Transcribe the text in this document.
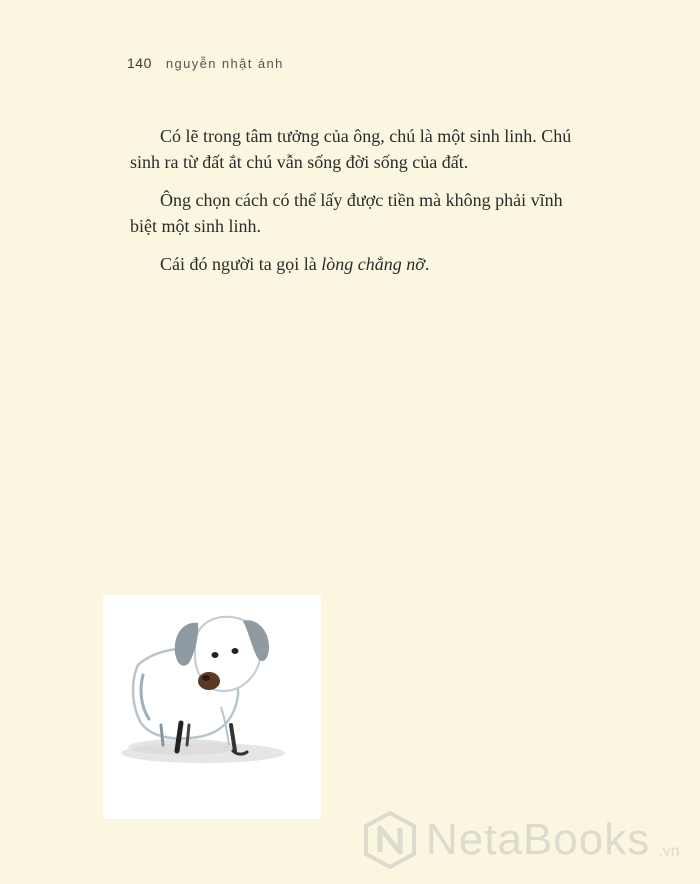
140 nguyễn nhật ánh

Có lẽ trong tâm tưởng của ông, chú là một sinh linh. Chú sinh ra từ đất ắt chú vẫn sống đời sống của đất.

Ông chọn cách có thể lấy được tiền mà không phải vĩnh biệt một sinh linh.

Cái đó người ta gọi là lòng chẳng nỡ.

NetaBooks .vn
